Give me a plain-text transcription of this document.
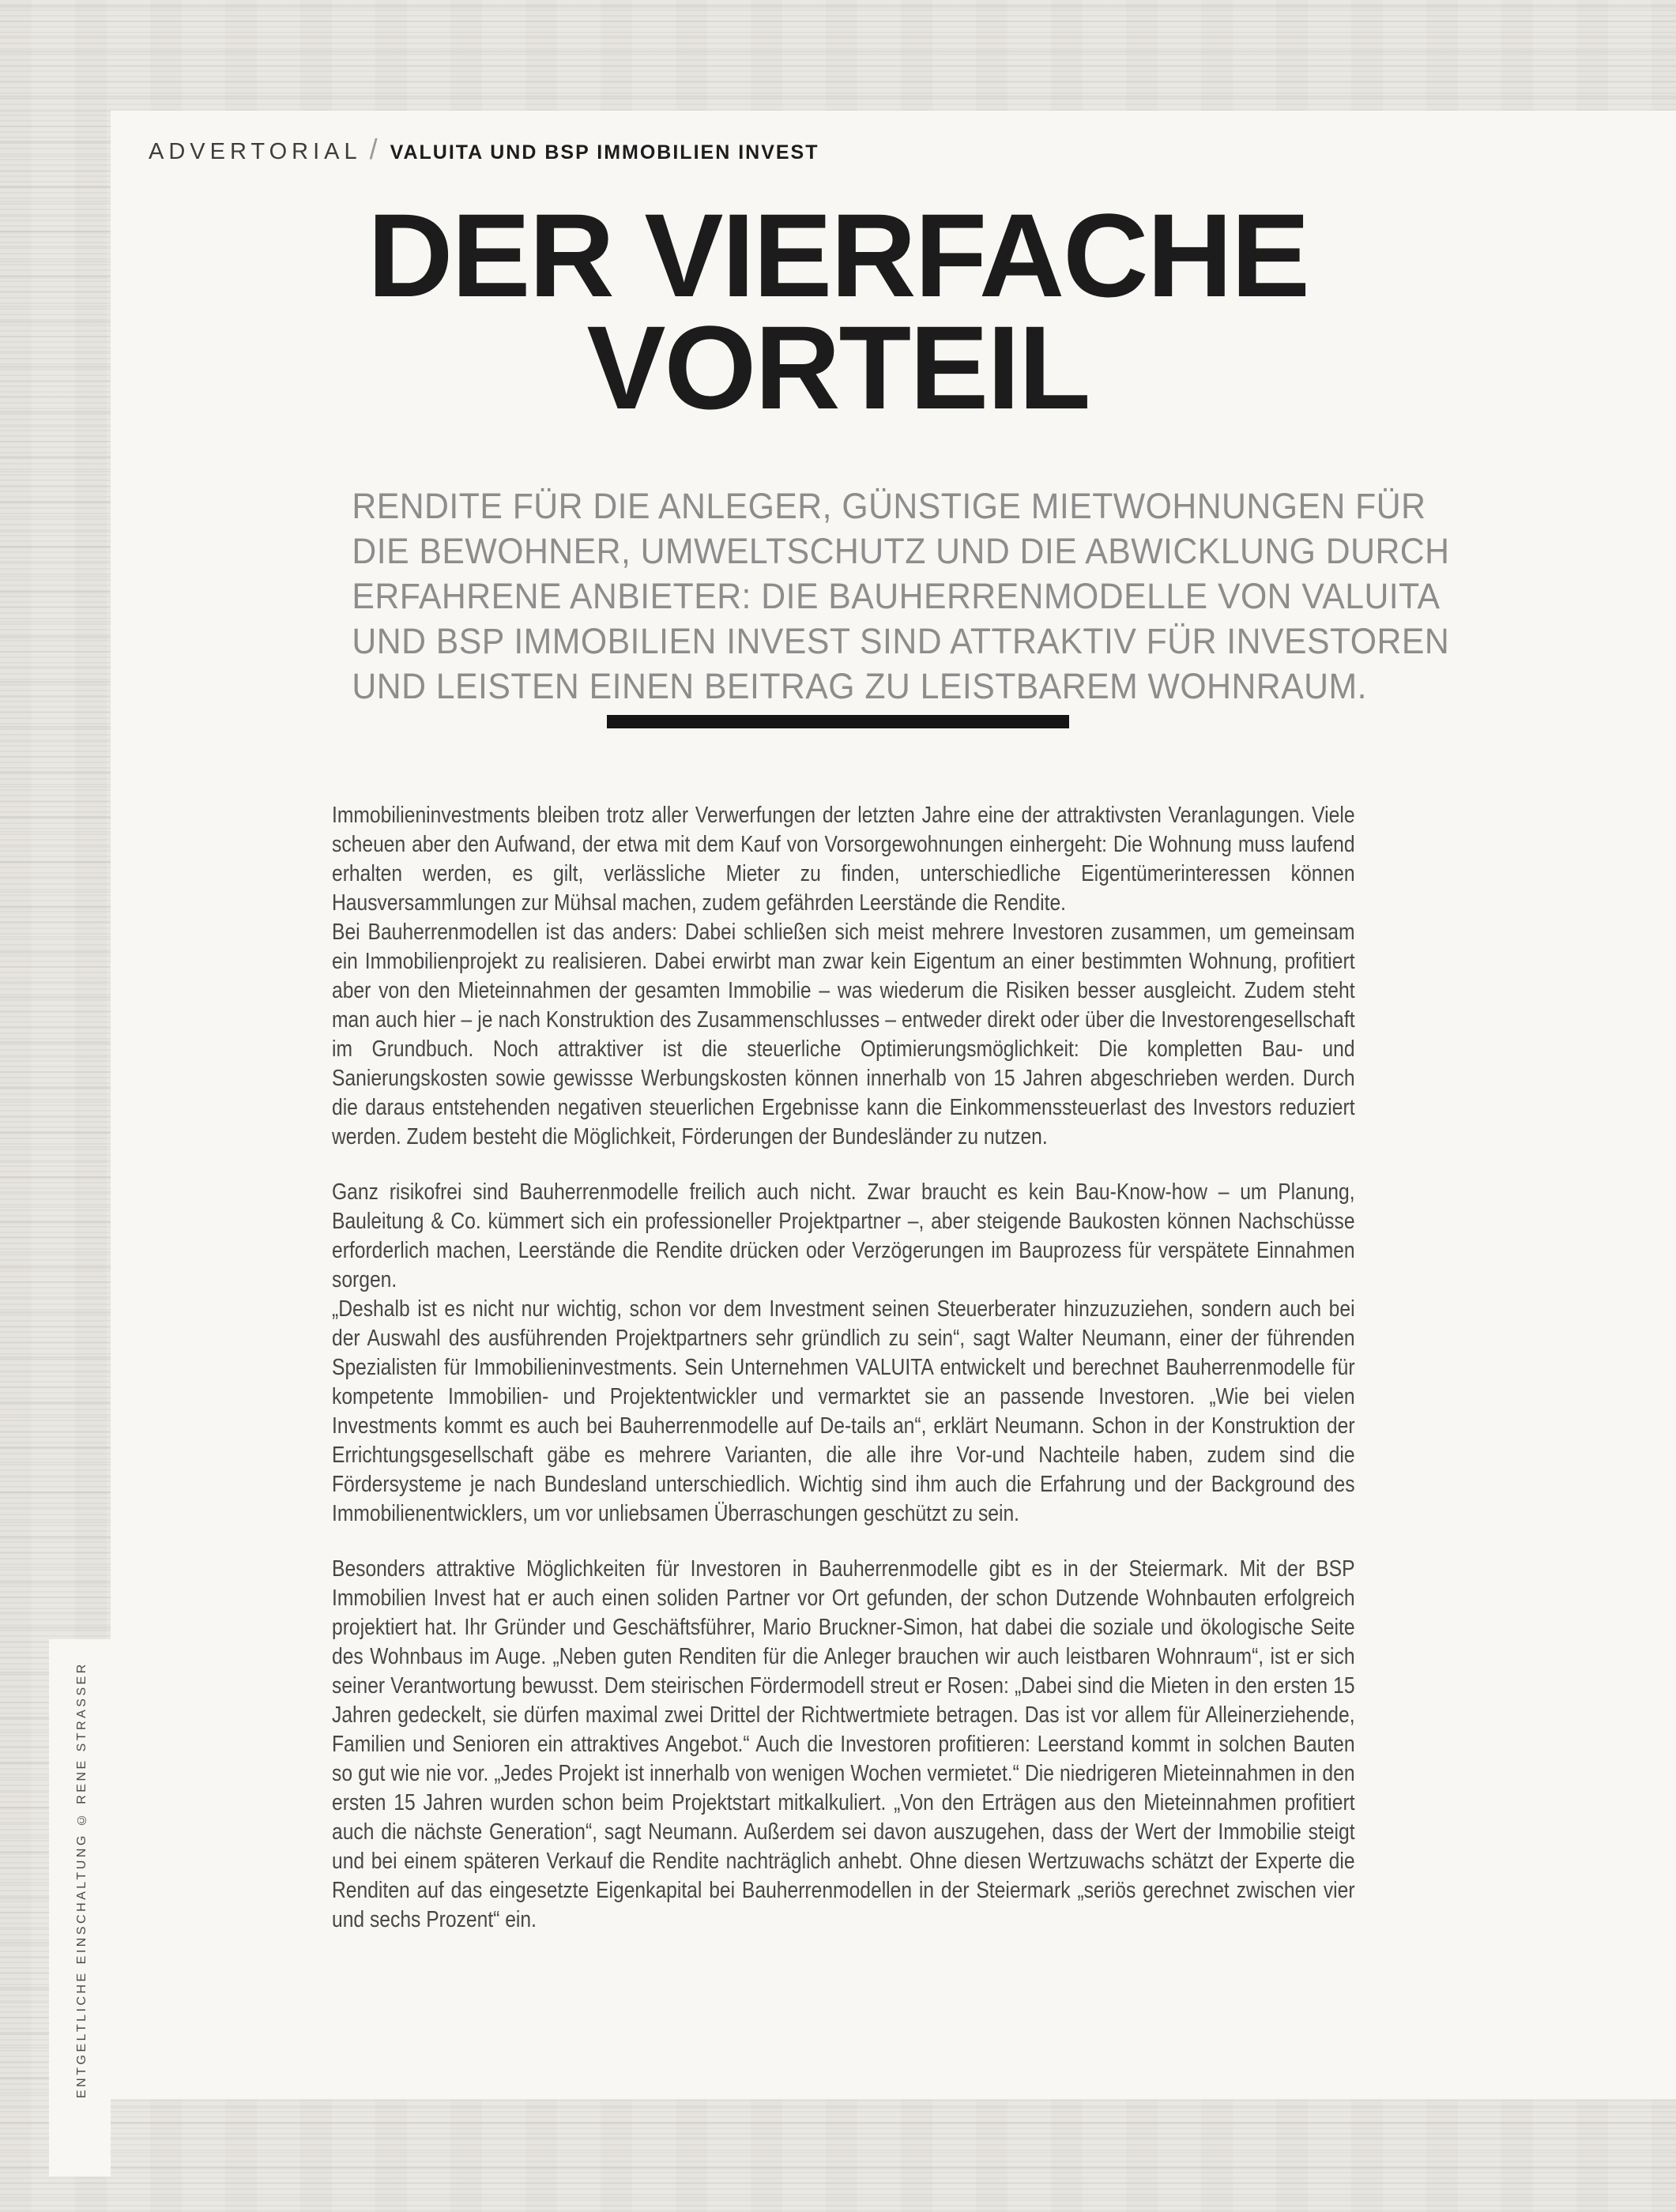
ADVERTORIAL / VALUITA UND BSP IMMOBILIEN INVEST
DER VIERFACHE
VORTEIL
RENDITE FÜR DIE ANLEGER, GÜNSTIGE MIETWOHNUNGEN FÜR
DIE BEWOHNER, UMWELTSCHUTZ UND DIE ABWICKLUNG DURCH
ERFAHRENE ANBIETER: DIE BAUHERRENMODELLE VON VALUITA
UND BSP IMMOBILIEN INVEST SIND ATTRAKTIV FÜR INVESTOREN
UND LEISTEN EINEN BEITRAG ZU LEISTBAREM WOHNRAUM.

Immobilieninvestments bleiben trotz aller Verwerfungen der letzten Jahre eine der attraktivsten Veranlagungen. Viele scheuen aber den Aufwand, der etwa mit dem Kauf von Vorsorgewohnungen einhergeht: Die Wohnung muss laufend erhalten werden, es gilt, verlässliche Mieter zu finden, unterschiedliche Eigentümerinteressen können Hausversammlungen zur Mühsal machen, zudem gefährden Leerstände die Rendite.

Bei Bauherrenmodellen ist das anders: Dabei schließen sich meist mehrere Investoren zusammen, um gemeinsam ein Immobilienprojekt zu realisieren. Dabei erwirbt man zwar kein Eigentum an einer bestimmten Wohnung, profitiert aber von den Mieteinnahmen der gesamten Immobilie – was wiederum die Risiken besser ausgleicht. Zudem steht man auch hier – je nach Konstruktion des Zusammenschlusses – entweder direkt oder über die Investorengesellschaft im Grundbuch. Noch attraktiver ist die steuerliche Optimierungsmöglichkeit: Die kompletten Bau- und Sanierungskosten sowie gewissse Werbungskosten können innerhalb von 15 Jahren abgeschrieben werden. Durch die daraus entstehenden negativen steuerlichen Ergebnisse kann die Einkommenssteuerlast des Investors reduziert werden. Zudem besteht die Möglichkeit, Förderungen der Bundesländer zu nutzen.

Ganz risikofrei sind Bauherrenmodelle freilich auch nicht. Zwar braucht es kein Bau-Know-how – um Planung, Bauleitung & Co. kümmert sich ein professioneller Projektpartner –, aber steigende Baukosten können Nachschüsse erforderlich machen, Leerstände die Rendite drücken oder Verzögerungen im Bauprozess für verspätete Einnahmen sorgen.

„Deshalb ist es nicht nur wichtig, schon vor dem Investment seinen Steuerberater hinzuzuziehen, sondern auch bei der Auswahl des ausführenden Projektpartners sehr gründlich zu sein“, sagt Walter Neumann, einer der führenden Spezialisten für Immobilieninvestments. Sein Unternehmen VALUITA entwickelt und berechnet Bauherrenmodelle für kompetente Immobilien- und Projektentwickler und vermarktet sie an passende Investoren. „Wie bei vielen Investments kommt es auch bei Bauherrenmodelle auf De-tails an“, erklärt Neumann. Schon in der Konstruktion der Errichtungsgesellschaft gäbe es mehrere Varianten, die alle ihre Vor-und Nachteile haben, zudem sind die Fördersysteme je nach Bundesland unterschiedlich. Wichtig sind ihm auch die Erfahrung und der Background des Immobilienentwicklers, um vor unliebsamen Überraschungen geschützt zu sein.

Besonders attraktive Möglichkeiten für Investoren in Bauherrenmodelle gibt es in der Steiermark. Mit der BSP Immobilien Invest hat er auch einen soliden Partner vor Ort gefunden, der schon Dutzende Wohnbauten erfolgreich projektiert hat. Ihr Gründer und Geschäftsführer, Mario Bruckner-Simon, hat dabei die soziale und ökologische Seite des Wohnbaus im Auge. „Neben guten Renditen für die Anleger brauchen wir auch leistbaren Wohnraum“, ist er sich seiner Verantwortung bewusst. Dem steirischen Fördermodell streut er Rosen: „Dabei sind die Mieten in den ersten 15 Jahren gedeckelt, sie dürfen maximal zwei Drittel der Richtwertmiete betragen. Das ist vor allem für Alleinerziehende, Familien und Senioren ein attraktives Angebot.“ Auch die Investoren profitieren: Leerstand kommt in solchen Bauten so gut wie nie vor. „Jedes Projekt ist innerhalb von wenigen Wochen vermietet.“ Die niedrigeren Mieteinnahmen in den ersten 15 Jahren wurden schon beim Projektstart mitkalkuliert. „Von den Erträgen aus den Mieteinnahmen profitiert auch die nächste Generation“, sagt Neumann. Außerdem sei davon auszugehen, dass der Wert der Immobilie steigt und bei einem späteren Verkauf die Rendite nachträglich anhebt. Ohne diesen Wertzuwachs schätzt der Experte die Renditen auf das eingesetzte Eigenkapital bei Bauherrenmodellen in der Steiermark „seriös gerechnet zwischen vier und sechs Prozent“ ein.

ENTGELTLICHE EINSCHALTUNG © RENE STRASSER
